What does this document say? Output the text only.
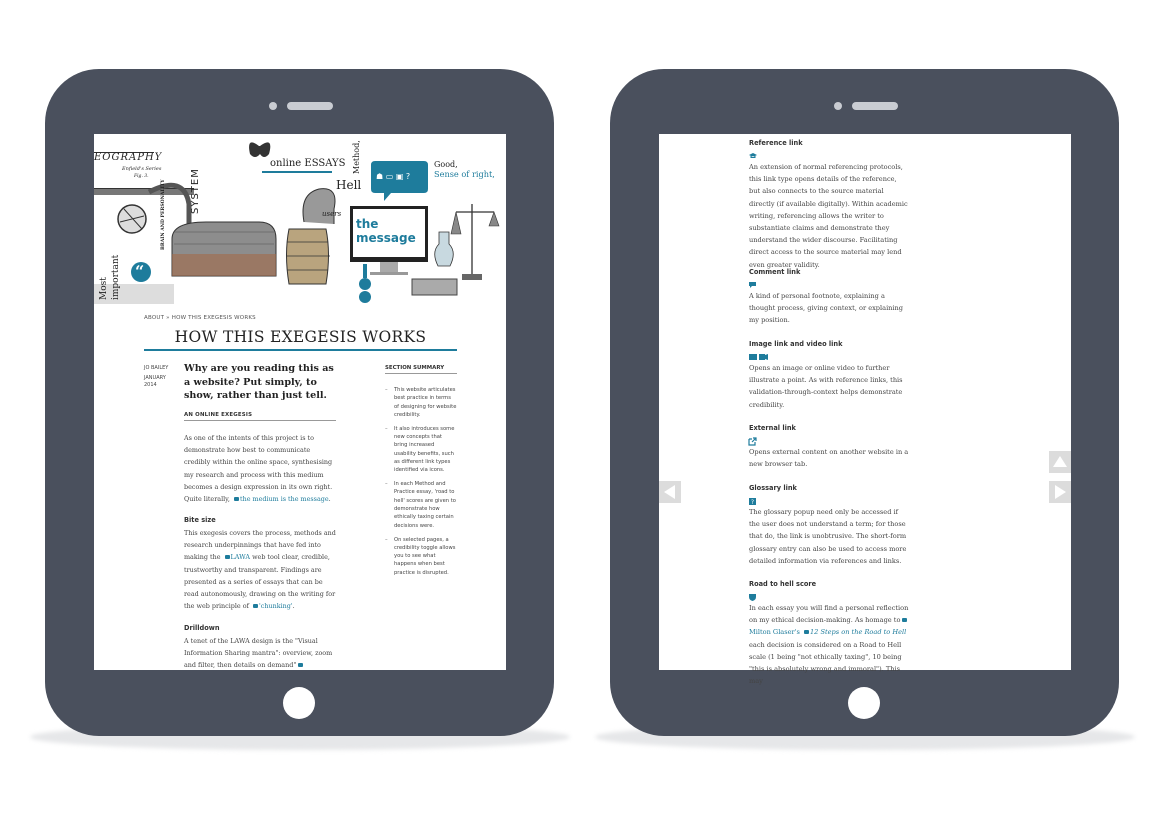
EOGRAPHY
Enfield's Series
Fig. 3.	SYSTEM
BRAIN AND PERSONALITY
online ESSAYS
Hell
Method,
users
Good,
Sense of right,
☗ ▭ ▣ ?
the
message
Most important “
ABOUT » HOW THIS EXEGESIS WORKS
HOW THIS EXEGESIS WORKS
JO BAILEY
JANUARY
2014
Why are you reading this as a website? Put simply, to show, rather than just tell.
AN ONLINE EXEGESIS
As one of the intents of this project is to demonstrate how best to communicate credibly within the online space, synthesising my research and process with this medium becomes a design expression in its own right. Quite literally, the medium is the message.
Bite size
This exegesis covers the process, methods and research underpinnings that have fed into making the LAWA web tool clear, credible, trustworthy and transparent. Findings are presented as a series of essays that can be read autonomously, drawing on the writing for the web principle of 'chunking'.
Drilldown
A tenet of the LAWA design is the "Visual Information Sharing mantra": overview, zoom and filter, then details on demand"
SECTION SUMMARY
– This website articulates best practice in terms of designing for website credibility.
– It also introduces some new concepts that bring increased usability benefits, such as different link types identified via icons.
– In each Method and Practice essay, 'road to hell' scores are given to demonstrate how ethically taxing certain decisions were.
– On selected pages, a credibility toggle allows you to see what happens when best practice is disrupted.
Reference link
An extension of normal referencing protocols, this link type opens details of the reference, but also connects to the source material directly (if available digitally). Within academic writing, referencing allows the writer to substantiate claims and demonstrate they understand the wider discourse. Facilitating direct access to the source material may lend even greater validity.
Comment link
A kind of personal footnote, explaining a thought process, giving context, or explaining my position.
Image link and video link
Opens an image or online video to further illustrate a point. As with reference links, this validation-through-context helps demonstrate credibility.
External link
Opens external content on another website in a new browser tab.
Glossary link
?
The glossary popup need only be accessed if the user does not understand a term; for those that do, the link is unobtrusive. The short-form glossary entry can also be used to access more detailed information via references and links.
Road to hell score
In each essay you will find a personal reflection on my ethical decision-making. As homage toMilton Glaser's 12 Steps on the Road to Hell each decision is considered on a Road to Hell scale (1 being "not ethically taxing", 10 being "this is absolutely wrong and immoral"). This may
